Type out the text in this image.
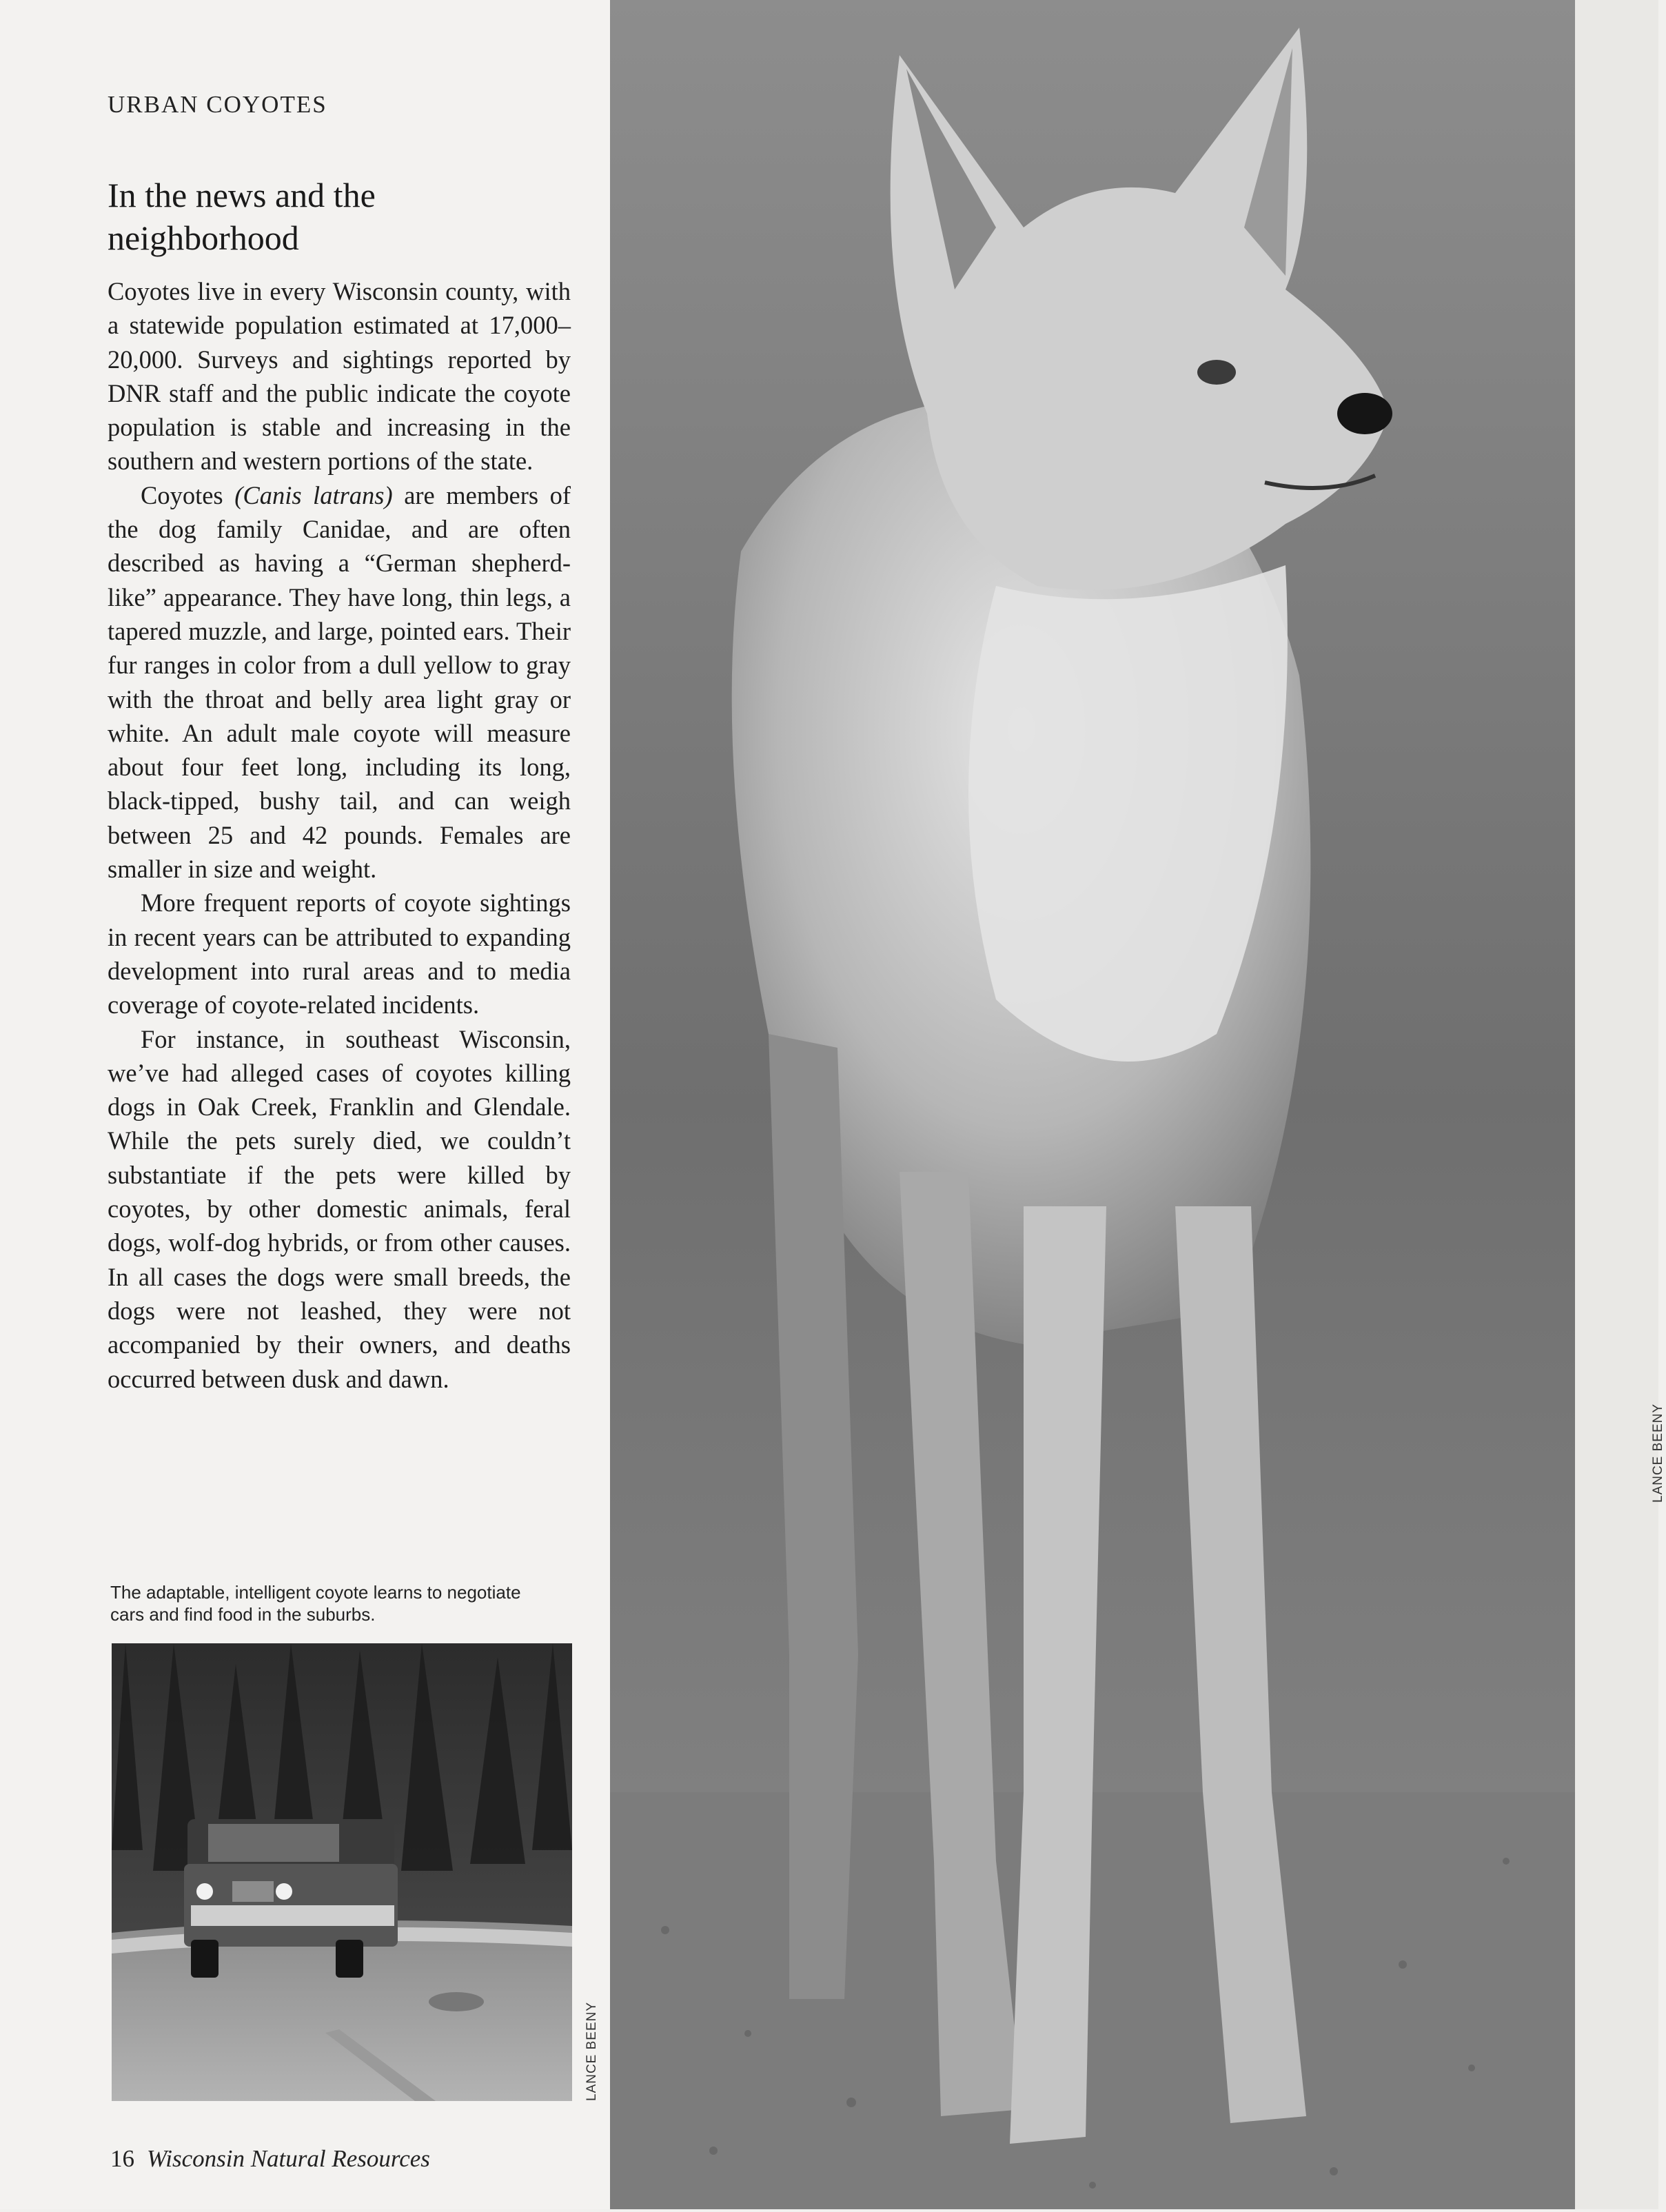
URBAN COYOTES
In the news and the neighborhood

Coyotes live in every Wisconsin county, with a statewide population estimated at 17,000–20,000. Surveys and sightings reported by DNR staff and the public indicate the coyote population is stable and increasing in the southern and western portions of the state.

Coyotes (Canis latrans) are members of the dog family Canidae, and are often described as having a “German shepherd-like” appearance. They have long, thin legs, a tapered muzzle, and large, pointed ears. Their fur ranges in color from a dull yellow to gray with the throat and belly area light gray or white. An adult male coyote will measure about four feet long, including its long, black-tipped, bushy tail, and can weigh between 25 and 42 pounds. Females are smaller in size and weight.

More frequent reports of coyote sightings in recent years can be attributed to expanding development into rural areas and to media coverage of coyote-related incidents.

For instance, in southeast Wisconsin, we’ve had alleged cases of coyotes killing dogs in Oak Creek, Franklin and Glendale. While the pets surely died, we couldn’t substantiate if the pets were killed by coyotes, by other domestic animals, feral dogs, wolf-dog hybrids, or from other causes. In all cases the dogs were small breeds, the dogs were not leashed, they were not accompanied by their owners, and deaths occurred between dusk and dawn.

The adaptable, intelligent coyote learns to negotiate cars and find food in the suburbs.
LANCE BEENY
16 Wisconsin Natural Resources
LANCE BEENY
